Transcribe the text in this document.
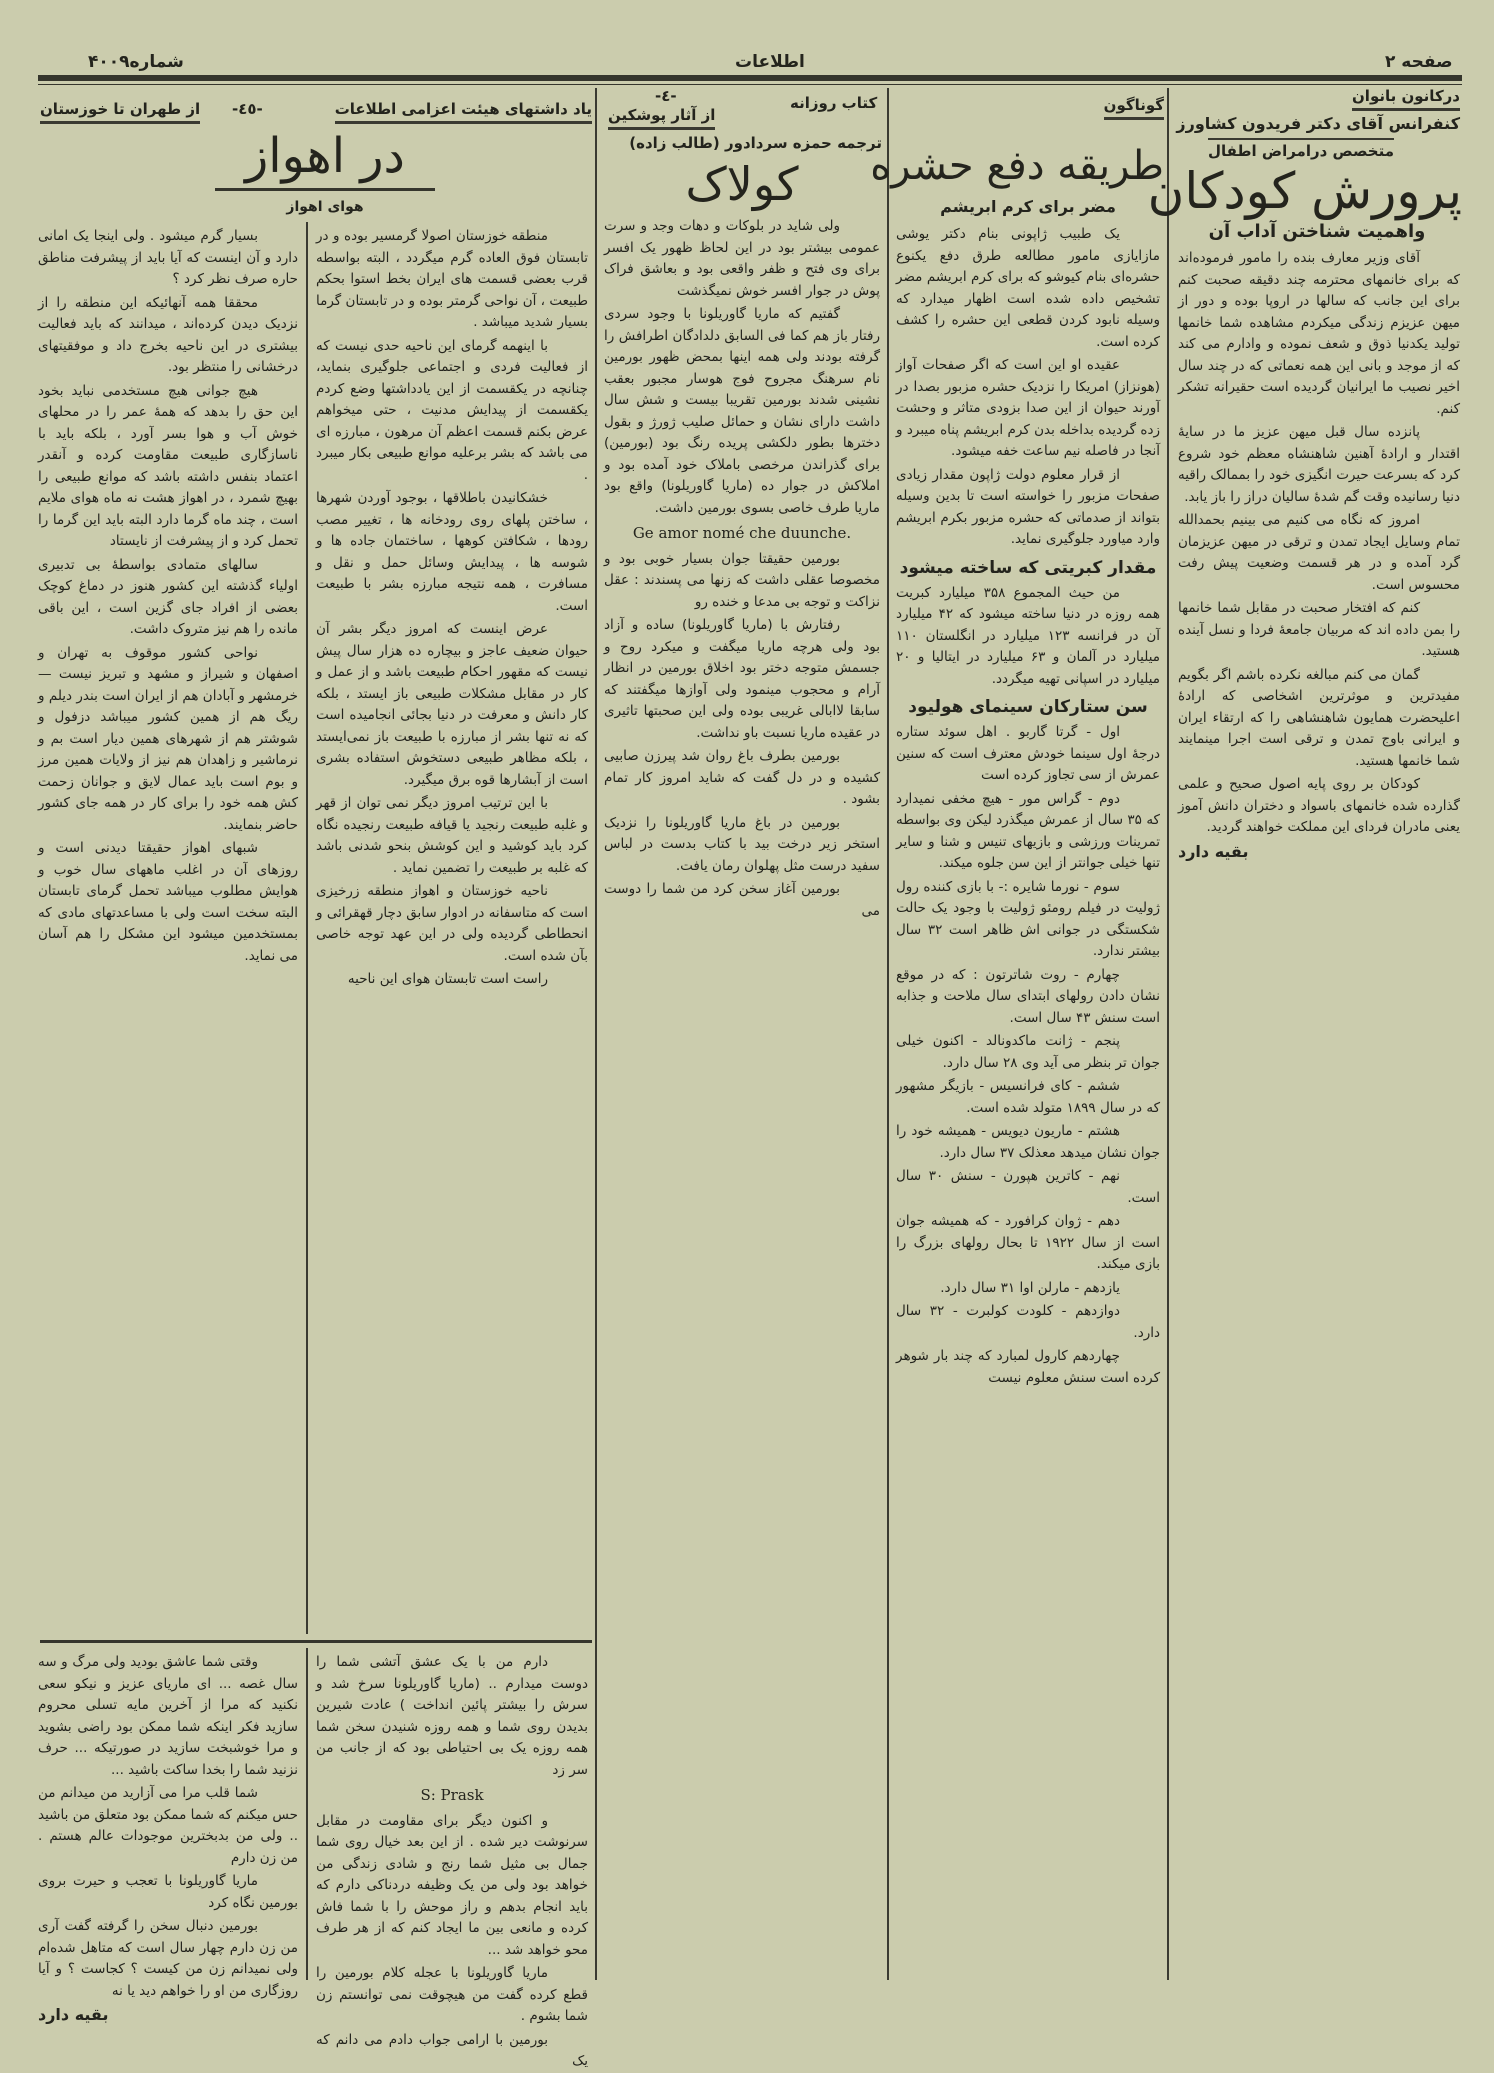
صفحه ۲
اطلاعات
شماره۴۰۰۹
درکانون بانوان
کنفرانس آقای دکتر فریدون کشاورز
متخصص درامراض اطفال
پرورش کودکان
واهمیت شناختن آداب آن

آقای وزیر معارف بنده را مامور فرموده‌اند که برای خانمهای محترمه چند دقیقه صحبت کنم برای این جانب که سالها در اروپا بوده و دور از میهن عزیزم زندگی میکردم مشاهده شما خانمها تولید یکدنیا ذوق و شعف نموده و وادارم می کند که از موجد و بانی این همه نعماتی که در چند سال اخیر نصیب ما ایرانیان گردیده است حقیرانه تشکر کنم.

پانزده سال قبل میهن عزیز ما در سایهٔ اقتدار و ارادهٔ آهنین شاهنشاه معظم خود شروع کرد که بسرعت حیرت انگیزی خود را بممالک راقیه دنیا رسانیده وقت گم شدهٔ سالیان دراز را باز یابد.

امروز که نگاه می کنیم می بینیم بحمدالله تمام وسایل ایجاد تمدن و ترقی در میهن عزیزمان گرد آمده و در هر قسمت وضعیت پیش رفت محسوس است.

کنم که افتخار صحبت در مقابل شما خانمها را بمن داده اند که مربیان جامعهٔ فردا و نسل آینده هستید.

گمان می کنم مبالغه نکرده باشم اگر بگویم مفیدترین و موثرترین اشخاصی که ارادهٔ اعلیحضرت همایون شاهنشاهی را که ارتقاء ایران و ایرانی باوج تمدن و ترقی است اجرا مینمایند شما خانمها هستید.

کودکان بر روی پایه اصول صحیح و علمی گذارده شده خانمهای باسواد و دختران دانش آموز یعنی مادران فردای این مملکت خواهند گردید.

بقیه دارد

گوناگون
طریقه دفع حشره
مضر برای کرم ابریشم

یک طبیب ژاپونی بنام دکتر یوشی مازایازی مامور مطالعه طرق دفع یکنوع حشره‌ای بنام کیوشو که برای کرم ابریشم مضر تشخیص داده شده است اظهار میدارد که وسیله نابود کردن قطعی این حشره را کشف کرده است.

عقیده او این است که اگر صفحات آواز (هونزاز) امریکا را نزدیک حشره مزبور بصدا در آورند حیوان از این صدا بزودی متاثر و وحشت زده گردیده بداخله بدن کرم ابریشم پناه میبرد و آنجا در فاصله نیم ساعت خفه میشود.

از قرار معلوم دولت ژاپون مقدار زیادی صفحات مزبور را خواسته است تا بدین وسیله بتواند از صدماتی که حشره مزبور بکرم ابریشم وارد میاورد جلوگیری نماید.

مقدار کبریتی که ساخته میشود

من حیث المجموع ۳۵۸ میلیارد کبریت همه روزه در دنیا ساخته میشود که ۴۲ میلیارد آن در فرانسه ۱۲۳ میلیارد در انگلستان ۱۱۰ میلیارد در آلمان و ۶۳ میلیارد در ایتالیا و ۲۰ میلیارد در اسپانی تهیه میگردد.

سن ستارکان سینمای هولیود

اول - گرتا گاربو . اهل سوئد ستاره درجهٔ اول سینما خودش معترف است که سنین عمرش از سی تجاوز کرده است

دوم - گراس مور - هیچ مخفی نمیدارد که ۳۵ سال از عمرش میگذرد لیکن وی بواسطه تمرینات ورزشی و بازیهای تنیس و شنا و سایر تنها خیلی جوانتر از این سن جلوه میکند.

سوم - نورما شایره :- با بازی کننده رول ژولیت در فیلم رومئو ژولیت با وجود یک حالت شکستگی در جوانی اش ظاهر است ۳۲ سال بیشتر ندارد.

چهارم - روت شاترتون : که در موقع نشان دادن رولهای ابتدای سال ملاحت و جذابه است سنش ۴۳ سال است.

پنجم - ژانت ماکدونالد - اکنون خیلی جوان تر بنظر می آید وی ۲۸ سال دارد.

ششم - کای فرانسیس - بازیگر مشهور که در سال ۱۸۹۹ متولد شده است.

هشتم - ماریون دیویس - همیشه خود را جوان نشان میدهد معذلک ۳۷ سال دارد.

نهم - کاترین هپورن - سنش ۳۰ سال است.

دهم - ژوان کرافورد - که همیشه جوان است از سال ۱۹۲۲ تا بحال رولهای بزرگ را بازی میکند.

یازدهم - مارلن اوا ۳۱ سال دارد.

دوازدهم - کلودت کولبرت - ۳۲ سال دارد.

چهاردهم کارول لمبارد که چند بار شوهر کرده است سنش معلوم نیست

کتاب روزانه
-٤-
از آثار پوشکین
ترجمه حمزه سردادور (طالب زاده)
کولاک

ولی شاید در بلوکات و دهات وجد و سرت عمومی بیشتر بود در این لحاظ ظهور یک افسر برای وی فتح و ظفر واقعی بود و بعاشق فراک پوش در جوار افسر خوش نمیگذشت

گفتیم که ماریا گاوریلونا با وجود سردی رفتار باز هم کما فی السابق دلدادگان اطرافش را گرفته بودند ولی همه اینها بمحض ظهور بورمین نام سرهنگ مجروح فوج هوسار مجبور بعقب نشینی شدند بورمین تقریبا بیست و شش سال داشت دارای نشان و حمائل صلیب ژورژ و بقول دخترها بطور دلکشی پریده رنگ بود (بورمین) برای گذراندن مرخصی باملاک خود آمده بود و املاکش در جوار ده (ماریا گاوریلونا) واقع بود ماریا طرف خاصی بسوی بورمین داشت.

Ge amor nomé che duunche.

بورمین حقیقتا جوان بسیار خوبی بود و مخصوصا عقلی داشت که زنها می پسندند : عقل نزاکت و توجه بی مدعا و خنده رو

رفتارش با (ماریا گاوریلونا) ساده و آزاد بود ولی هرچه ماریا میگفت و میکرد روح و جسمش متوجه دختر بود اخلاق بورمین در انظار آرام و محجوب مینمود ولی آوازها میگفتند که سابقا لاابالی غریبی بوده ولی این صحبتها تاثیری در عقیده ماریا نسبت باو نداشت.

بورمین بطرف باغ روان شد پیرزن صابیی کشیده و در دل گفت که شاید امروز کار تمام بشود .

بورمین در باغ ماریا گاوریلونا را نزدیک استخر زیر درخت بید با کتاب بدست در لباس سفید درست مثل پهلوان رمان یافت.

بورمین آغاز سخن کرد من شما را دوست می

یاد داشتهای هیئت اعزامی اطلاعات
-٤٥-
از طهران تا خوزستان
در اهواز
هوای اهواز

منطقه خوزستان اصولا گرمسیر بوده و در تابستان فوق العاده گرم میگردد ، البته بواسطه قرب بعضی قسمت های ایران بخط استوا بحکم طبیعت ، آن نواحی گرمتر بوده و در تابستان گرما بسیار شدید میباشد .

با اینهمه گرمای این ناحیه حدی نیست که از فعالیت فردی و اجتماعی جلوگیری بنماید، چنانچه در یکقسمت از این یادداشتها وضع کردم یکقسمت از پیدایش مدنیت ، حتی میخواهم عرض بکنم قسمت اعظم آن مرهون ، مبارزه ای می باشد که بشر برعلیه موانع طبیعی بکار میبرد .

خشکانیدن باطلاقها ، بوجود آوردن شهرها ، ساختن پلهای روی رودخانه ها ، تغییر مصب رودها ، شکافتن کوهها ، ساختمان جاده ها و شوسه ها ، پیدایش وسائل حمل و نقل و مسافرت ، همه نتیجه مبارزه بشر با طبیعت است.

عرض اینست که امروز دیگر بشر آن حیوان ضعیف عاجز و بیچاره ده هزار سال پیش نیست که مقهور احکام طبیعت باشد و از عمل و کار در مقابل مشکلات طبیعی باز ایستد ، بلکه کار دانش و معرفت در دنیا بجائی انجامیده است که نه تنها بشر از مبارزه با طبیعت باز نمی‌ایستد ، بلکه مظاهر طبیعی دستخوش استفاده بشری است از آبشارها قوه برق میگیرد.

با این ترتیب امروز دیگر نمی توان از قهر و غلبه طبیعت رنجید یا قیافه طبیعت رنجیده نگاه کرد باید کوشید و این کوشش بنحو شدنی باشد که غلبه بر طبیعت را تضمین نماید .

ناحیه خوزستان و اهواز منطقه زرخیزی است که متاسفانه در ادوار سابق دچار قهقرائی و انحطاطی گردیده ولی در این عهد توجه خاصی بآن شده است.

راست است تابستان هوای این ناحیه

بسیار گرم میشود . ولی اینجا یک امانی دارد و آن اینست که آیا باید از پیشرفت مناطق حاره صرف نظر کرد ؟

محققا همه آنهائیکه این منطقه را از نزدیک دیدن کرده‌اند ، میدانند که باید فعالیت بیشتری در این ناحیه بخرج داد و موفقیتهای درخشانی را منتظر بود.

هیچ جوانی هیچ مستخدمی نباید بخود این حق را بدهد که همهٔ عمر را در محلهای خوش آب و هوا بسر آورد ، بلکه باید با ناسازگاری طبیعت مقاومت کرده و آنقدر اعتماد بنفس داشته باشد که موانع طبیعی را بهیچ شمرد ، در اهواز هشت نه ماه هوای ملایم است ، چند ماه گرما دارد البته باید این گرما را تحمل کرد و از پیشرفت از نایستاد

سالهای متمادی بواسطهٔ بی تدبیری اولیاء گذشته این کشور هنوز در دماغ کوچک بعضی از افراد جای گزین است ، این باقی مانده را هم نیز متروک داشت.

نواحی کشور موقوف به تهران و اصفهان و شیراز و مشهد و تبریز نیست — خرمشهر و آبادان هم از ایران است بندر دیلم و ریگ هم از همین کشور میباشد دزفول و شوشتر هم از شهرهای همین دیار است بم و نرماشیر و زاهدان هم نیز از ولایات همین مرز و بوم است باید عمال لایق و جوانان زحمت کش همه خود را برای کار در همه جای کشور حاضر بنمایند.

شبهای اهواز حقیقتا دیدنی است و روزهای آن در اغلب ماههای سال خوب و هوایش مطلوب میباشد تحمل گرمای تابستان البته سخت است ولی با مساعدتهای مادی که بمستخدمین میشود این مشکل را هم آسان می نماید.

دارم من با یک عشق آتشی شما را دوست میدارم .. (ماریا گاوریلونا سرخ شد و سرش را بیشتر پائین انداخت ) عادت شیرین بدیدن روی شما و همه روزه شنیدن سخن شما همه روزه یک بی احتیاطی بود که از جانب من سر زد

S: Prask

و اکنون دیگر برای مقاومت در مقابل سرنوشت دیر شده . از این بعد خیال روی شما جمال بی مثیل شما رنج و شادی زندگی من خواهد بود ولی من یک وظیفه دردناکی دارم که باید انجام بدهم و راز موحش را با شما فاش کرده و مانعی بین ما ایجاد کنم که از هر طرف محو خواهد شد ...

ماریا گاوریلونا با عجله کلام بورمین را قطع کرده گفت من هیچوقت نمی توانستم زن شما بشوم .

بورمین با ارامی جواب دادم می دانم که یک

وقتی شما عاشق بودید ولی مرگ و سه سال غصه ... ای ماریای عزیز و نیکو سعی نکنید که مرا از آخرین مایه تسلی محروم سازید فکر اینکه شما ممکن بود راضی بشوید و مرا خوشبخت سازید در صورتیکه ... حرف نزنید شما را بخدا ساکت باشید ...

شما قلب مرا می آزارید من میدانم من حس میکنم که شما ممکن بود متعلق من باشید .. ولی من بدبخترین موجودات عالم هستم . من زن دارم

ماریا گاوریلونا با تعجب و حیرت بروی بورمین نگاه کرد

بورمین دنبال سخن را گرفته گفت آری من زن دارم چهار سال است که متاهل شده‌ام ولی نمیدانم زن من کیست ؟ کجاست ؟ و آیا روزگاری من او را خواهم دید یا نه

بقیه دارد
